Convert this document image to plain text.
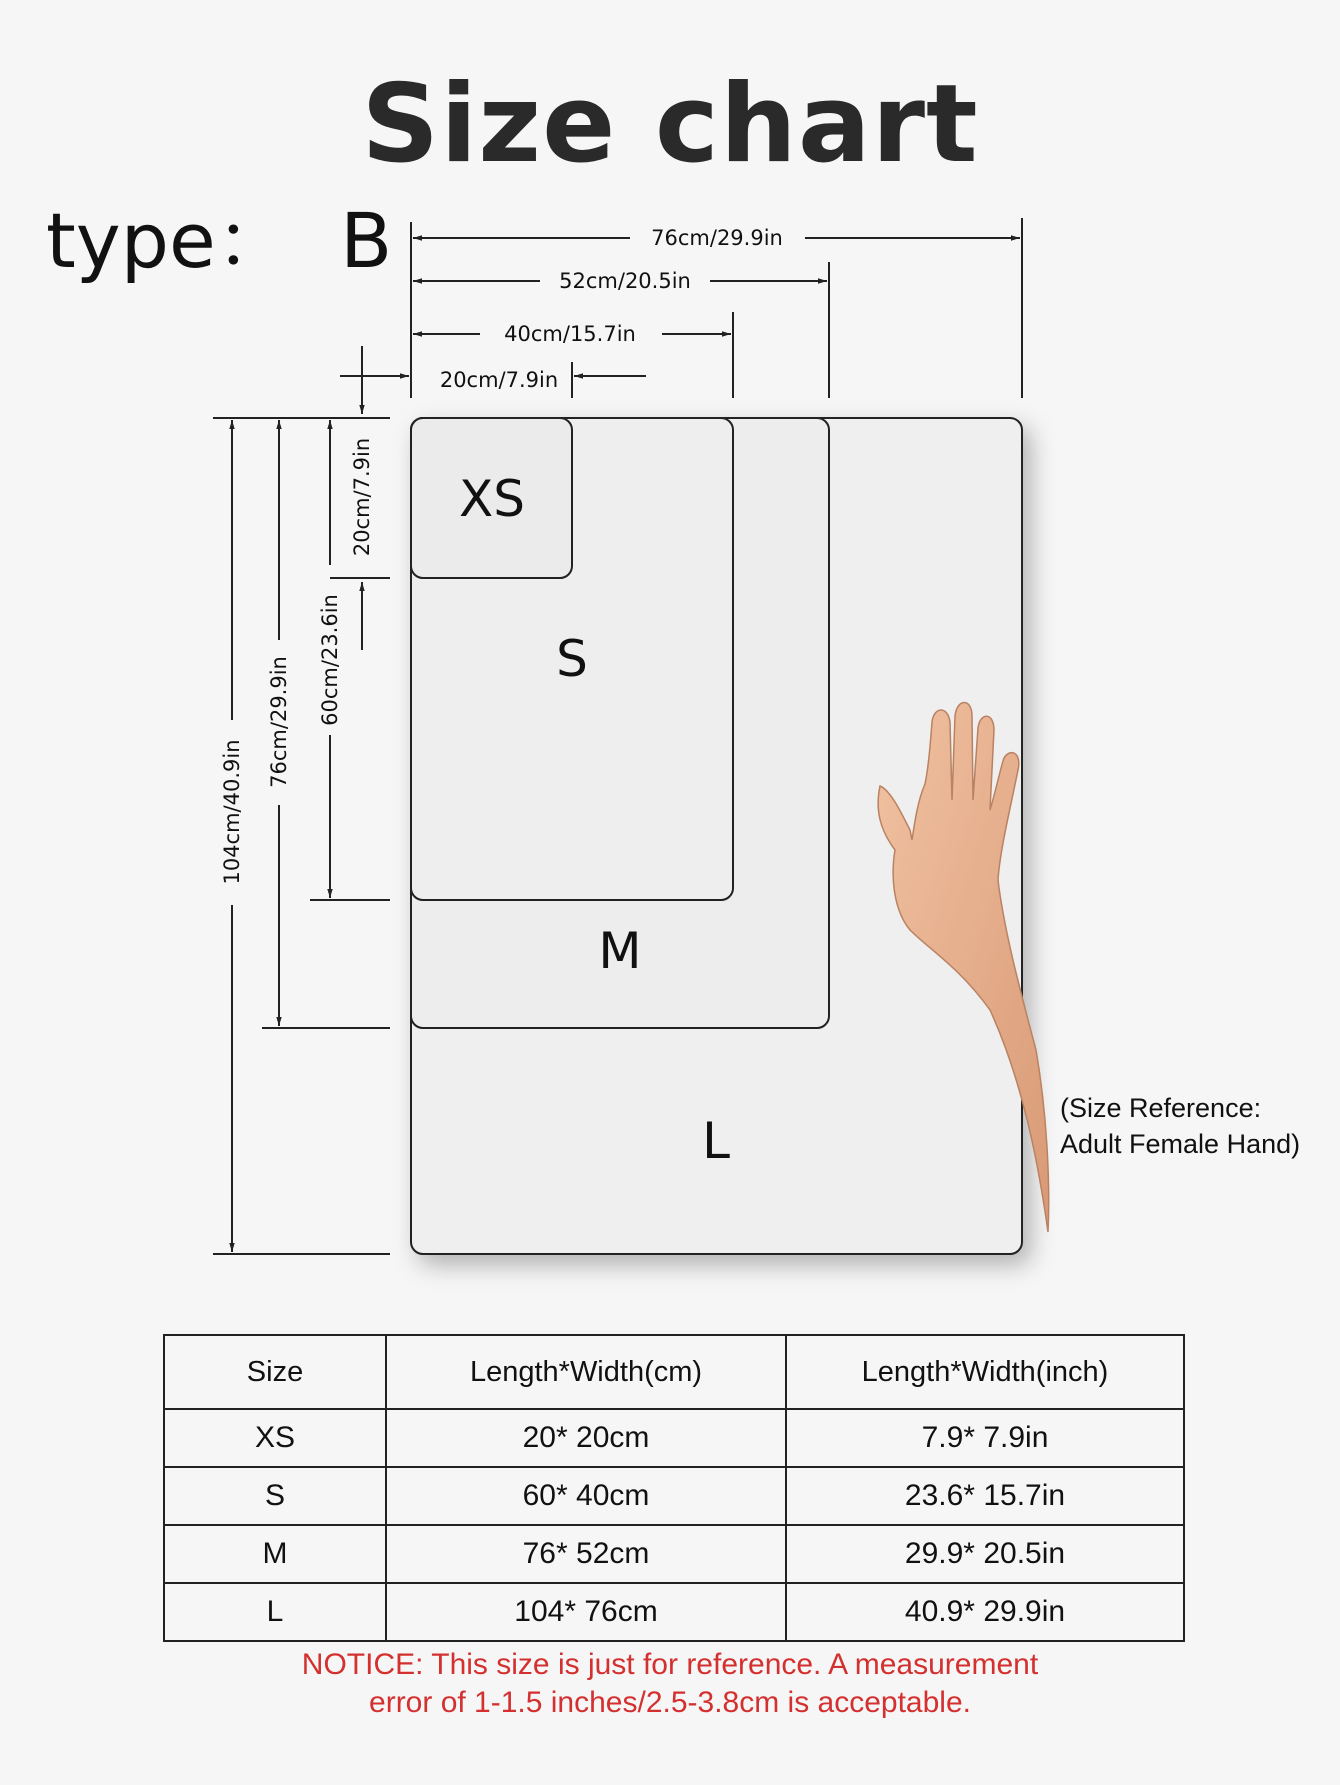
Size chart
type：  B
XS
S
M
L
(Size Reference:
Adult Female Hand)
76cm/29.9in
52cm/20.5in
40cm/15.7in
20cm/7.9in
104cm/40.9in
76cm/29.9in 60cm/23.6in
20cm/7.9in
Size	Length*Width(cm)	Length*Width(inch)
XS	20* 20cm	7.9* 7.9in
S	60* 40cm	23.6* 15.7in
M	76* 52cm	29.9* 20.5in
L	104* 76cm	40.9* 29.9in
NOTICE: This size is just for reference. A measurement
error of 1-1.5 inches/2.5-3.8cm is acceptable.
